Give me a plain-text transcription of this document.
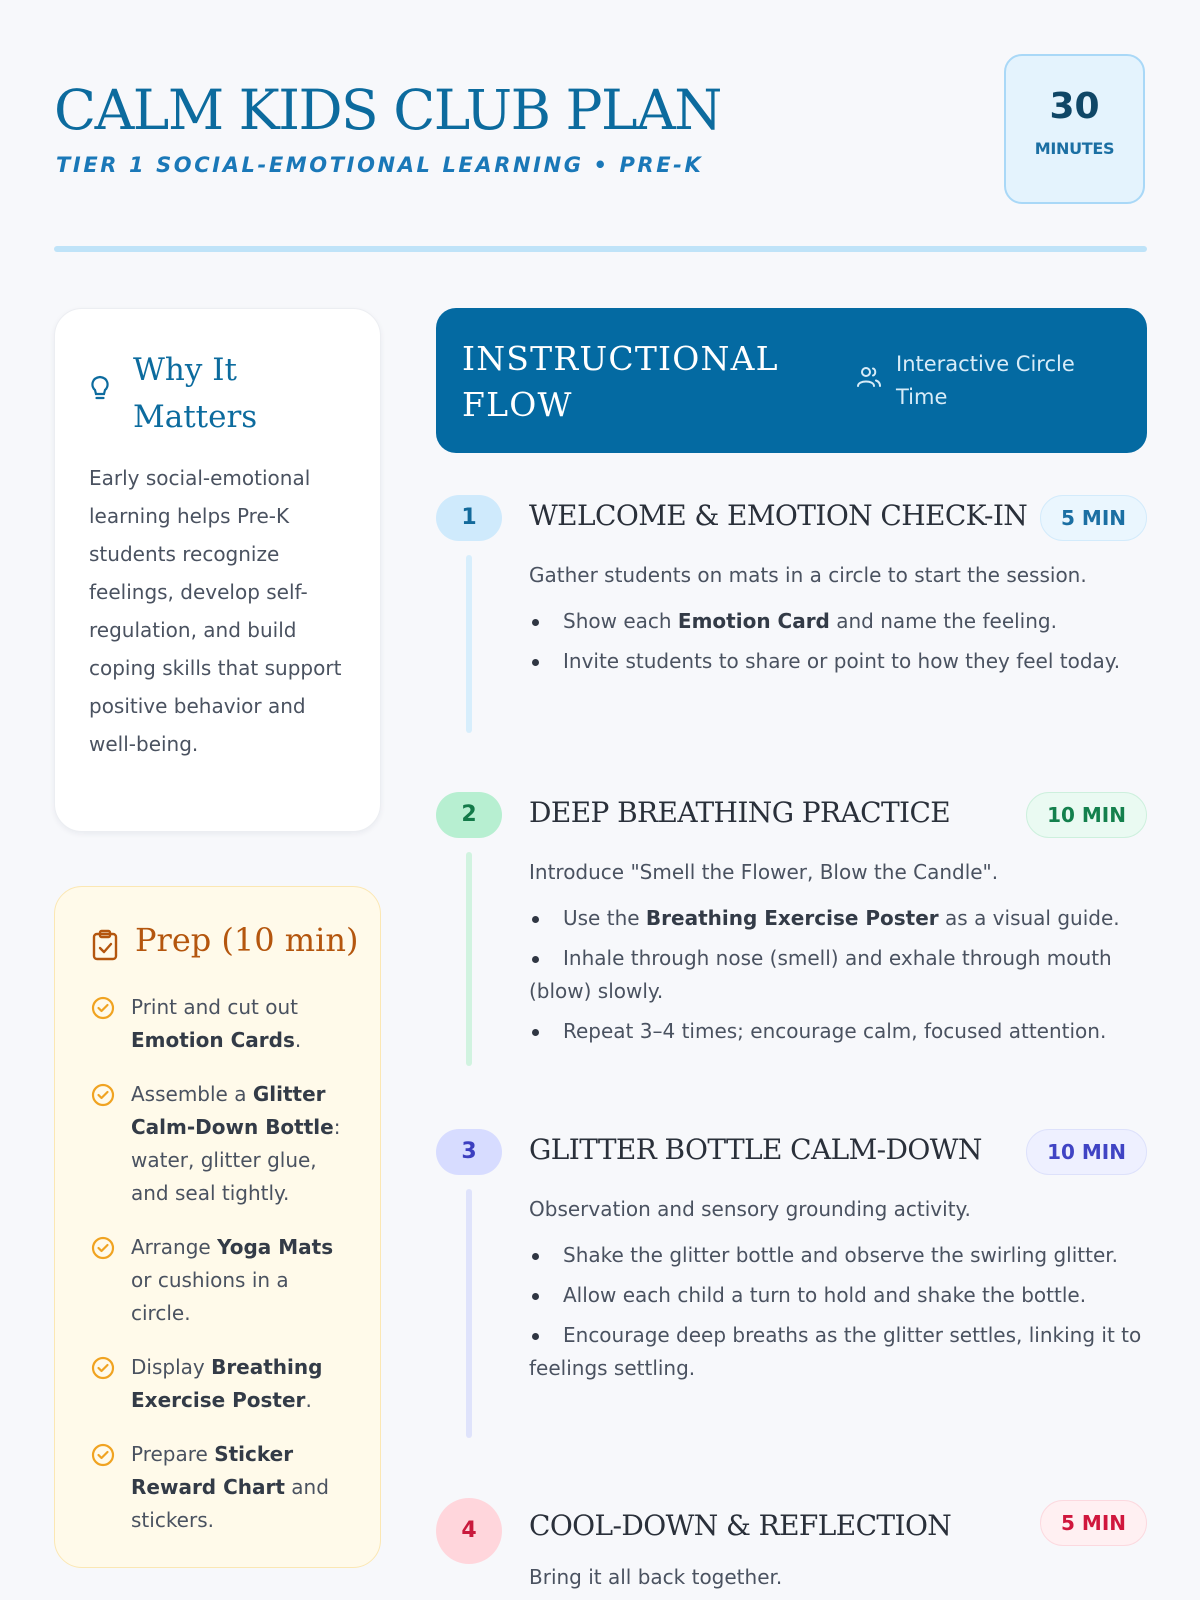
CALM KIDS CLUB PLAN
TIER 1 SOCIAL-EMOTIONAL LEARNING • PRE-K
30
MINUTES
Why It Matters

Early social-emotional learning helps Pre-K students recognize feelings, develop self-regulation, and build coping skills that support positive behavior and well-being.

Prep (10 min)
Print and cut out Emotion Cards.
Assemble a Glitter Calm-Down Bottle: water, glitter glue, and seal tightly.
Arrange Yoga Mats or cushions in a circle.
Display Breathing Exercise Poster.
Prepare Sticker Reward Chart and stickers.
INSTRUCTIONAL FLOW
Interactive Circle Time
1	WELCOME & EMOTION CHECK-IN	5 MIN

Gather students on mats in a circle to start the session.

Show each Emotion Card and name the feeling.
Invite students to share or point to how they feel today.
2	DEEP BREATHING PRACTICE	10 MIN

Introduce "Smell the Flower, Blow the Candle".

Use the Breathing Exercise Poster as a visual guide.
Inhale through nose (smell) and exhale through mouth (blow) slowly.
Repeat 3–4 times; encourage calm, focused attention.
3	GLITTER BOTTLE CALM-DOWN	10 MIN

Observation and sensory grounding activity.

Shake the glitter bottle and observe the swirling glitter.
Allow each child a turn to hold and shake the bottle.
Encourage deep breaths as the glitter settles, linking it to feelings settling.
4	COOL-DOWN & REFLECTION	5 MIN

Bring it all back together.
